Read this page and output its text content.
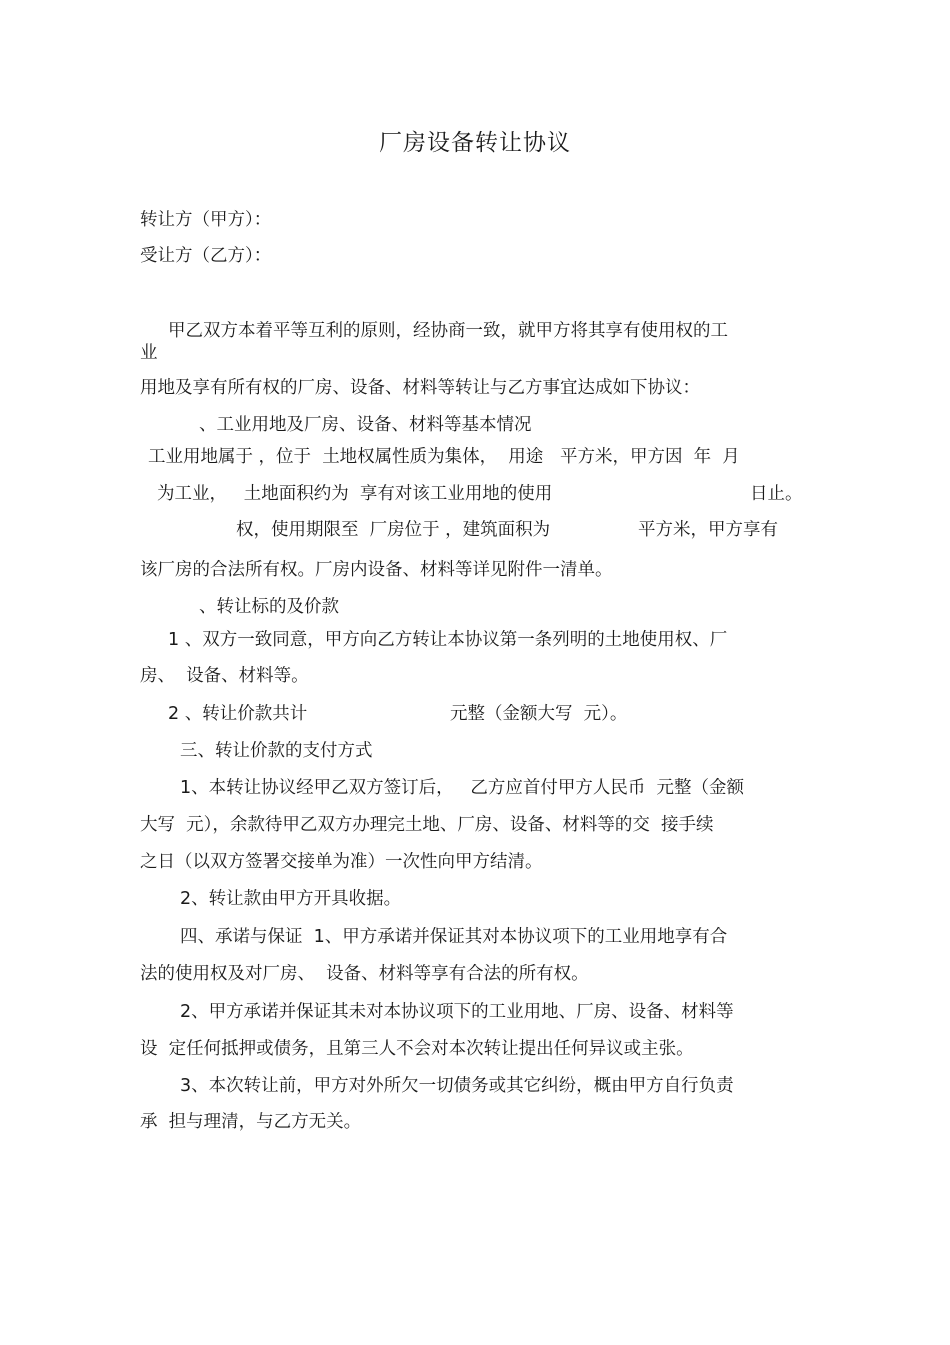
厂房设备转让协议
转让方（甲方）：
受让方（乙方）：
甲乙双方本着平等互利的原则，经协商一致，就甲方将其享有使用权的工
业
用地及享有所有权的厂房、设备、材料等转让与乙方事宜达成如下协议：
、工业用地及厂房、设备、材料等基本情况
工业用地属于 ，位于  土地权属性质为集体，  用途   平方米，甲方因  年  月
为工业，   土地面积约为  享有对该工业用地的使用	日止。
权，使用期限至  厂房位于 ，建筑面积为	平方米，甲方享有
该厂房的合法所有权。厂房内设备、材料等详见附件一清单。
、转让标的及价款
1 、双方一致同意，甲方向乙方转让本协议第一条列明的土地使用权、厂
房、  设备、材料等。
2 、转让价款共计	元整（金额大写  元）。
三、转让价款的支付方式
1、本转让协议经甲乙双方签订后，   乙方应首付甲方人民币  元整（金额
大写  元），余款待甲乙双方办理完土地、厂房、设备、材料等的交  接手续
之日（以双方签署交接单为准）一次性向甲方结清。
2、转让款由甲方开具收据。
四、承诺与保证  1、甲方承诺并保证其对本协议项下的工业用地享有合
法的使用权及对厂房、  设备、材料等享有合法的所有权。
2、甲方承诺并保证其未对本协议项下的工业用地、厂房、设备、材料等
设  定任何抵押或债务，且第三人不会对本次转让提出任何异议或主张。
3、本次转让前，甲方对外所欠一切债务或其它纠纷，概由甲方自行负责
承  担与理清，与乙方无关。
